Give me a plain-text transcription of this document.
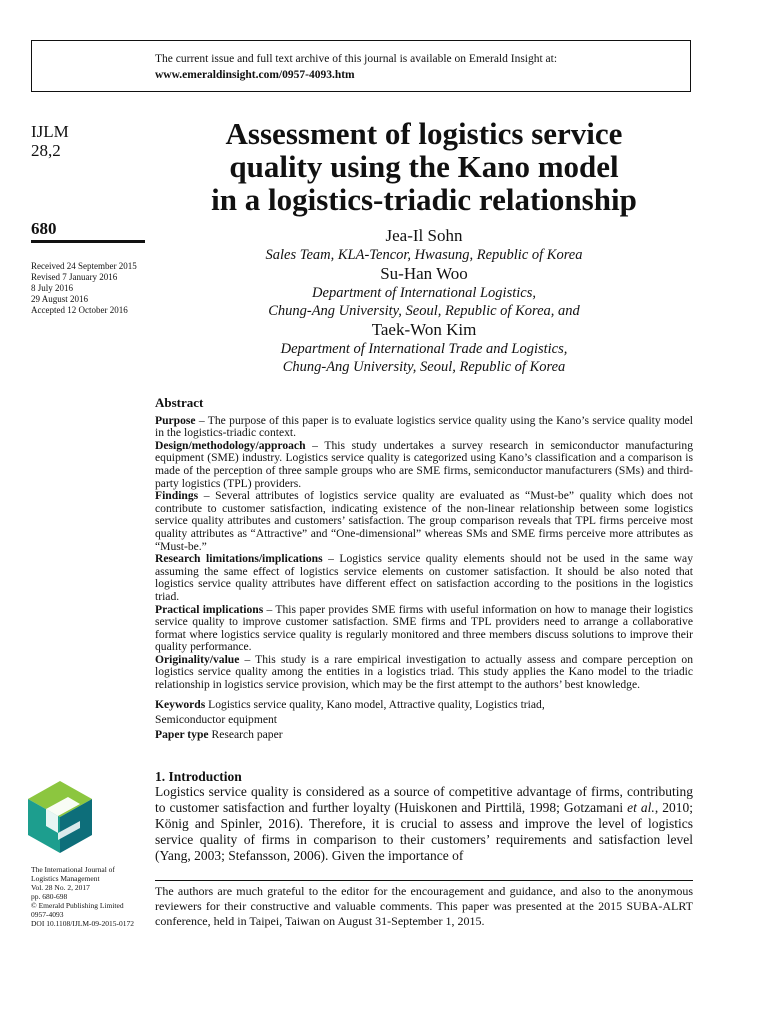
The current issue and full text archive of this journal is available on Emerald Insight at:
www.emeraldinsight.com/0957-4093.htm
IJLM
28,2
680
Received 24 September 2015
Revised 7 January 2016
8 July 2016
29 August 2016
Accepted 12 October 2016
Assessment of logistics service
quality using the Kano model
in a logistics-triadic relationship
Jea-Il Sohn
Sales Team, KLA-Tencor, Hwasung, Republic of Korea
Su-Han Woo
Department of International Logistics,
Chung-Ang University, Seoul, Republic of Korea, and
Taek-Won Kim
Department of International Trade and Logistics,
Chung-Ang University, Seoul, Republic of Korea
Abstract

Purpose – The purpose of this paper is to evaluate logistics service quality using the Kano’s service quality model in the logistics-triadic context.

Design/methodology/approach – This study undertakes a survey research in semiconductor manufacturing equipment (SME) industry. Logistics service quality is categorized using Kano’s classification and a comparison is made of the perception of three sample groups who are SME firms, semiconductor manufacturers (SMs) and third-party logistics (TPL) providers.

Findings – Several attributes of logistics service quality are evaluated as “Must-be” quality which does not contribute to customer satisfaction, indicating existence of the non-linear relationship between some logistics service quality attributes and customers’ satisfaction. The group comparison reveals that TPL firms perceive most quality attributes as “Attractive” and “One-dimensional” whereas SMs and SME firms perceive more attributes as “Must-be.”

Research limitations/implications – Logistics service quality elements should not be used in the same way assuming the same effect of logistics service elements on customer satisfaction. It should be also noted that logistics service quality attributes have different effect on satisfaction according to the positions in the logistics triad.

Practical implications – This paper provides SME firms with useful information on how to manage their logistics service quality to improve customer satisfaction. SME firms and TPL providers need to arrange a collaborative format where logistics service quality is regularly monitored and three members discuss solutions to improve their quality performance.

Originality/value – This study is a rare empirical investigation to actually assess and compare perception on logistics service quality among the entities in a logistics triad. This study applies the Kano model to the triadic relationship in logistics service provision, which may be the first attempt to the authors’ best knowledge.

Keywords Logistics service quality, Kano model, Attractive quality, Logistics triad,
Semiconductor equipment
Paper type Research paper
1. Introduction
Logistics service quality is considered as a source of competitive advantage of firms, contributing to customer satisfaction and further loyalty (Huiskonen and Pirttilä, 1998; Gotzamani et al., 2010; König and Spinler, 2016). Therefore, it is crucial to assess and improve the level of logistics service quality of firms in comparison to their customers’ requirements and satisfaction level (Yang, 2003; Stefansson, 2006). Given the importance of
The authors are much grateful to the editor for the encouragement and guidance, and also to the anonymous reviewers for their constructive and valuable comments. This paper was presented at the 2015 SUBA-ALRT conference, held in Taipei, Taiwan on August 31-September 1, 2015.
The International Journal of
Logistics Management
Vol. 28 No. 2, 2017
pp. 680-698
© Emerald Publishing Limited
0957-4093
DOI 10.1108/IJLM-09-2015-0172
